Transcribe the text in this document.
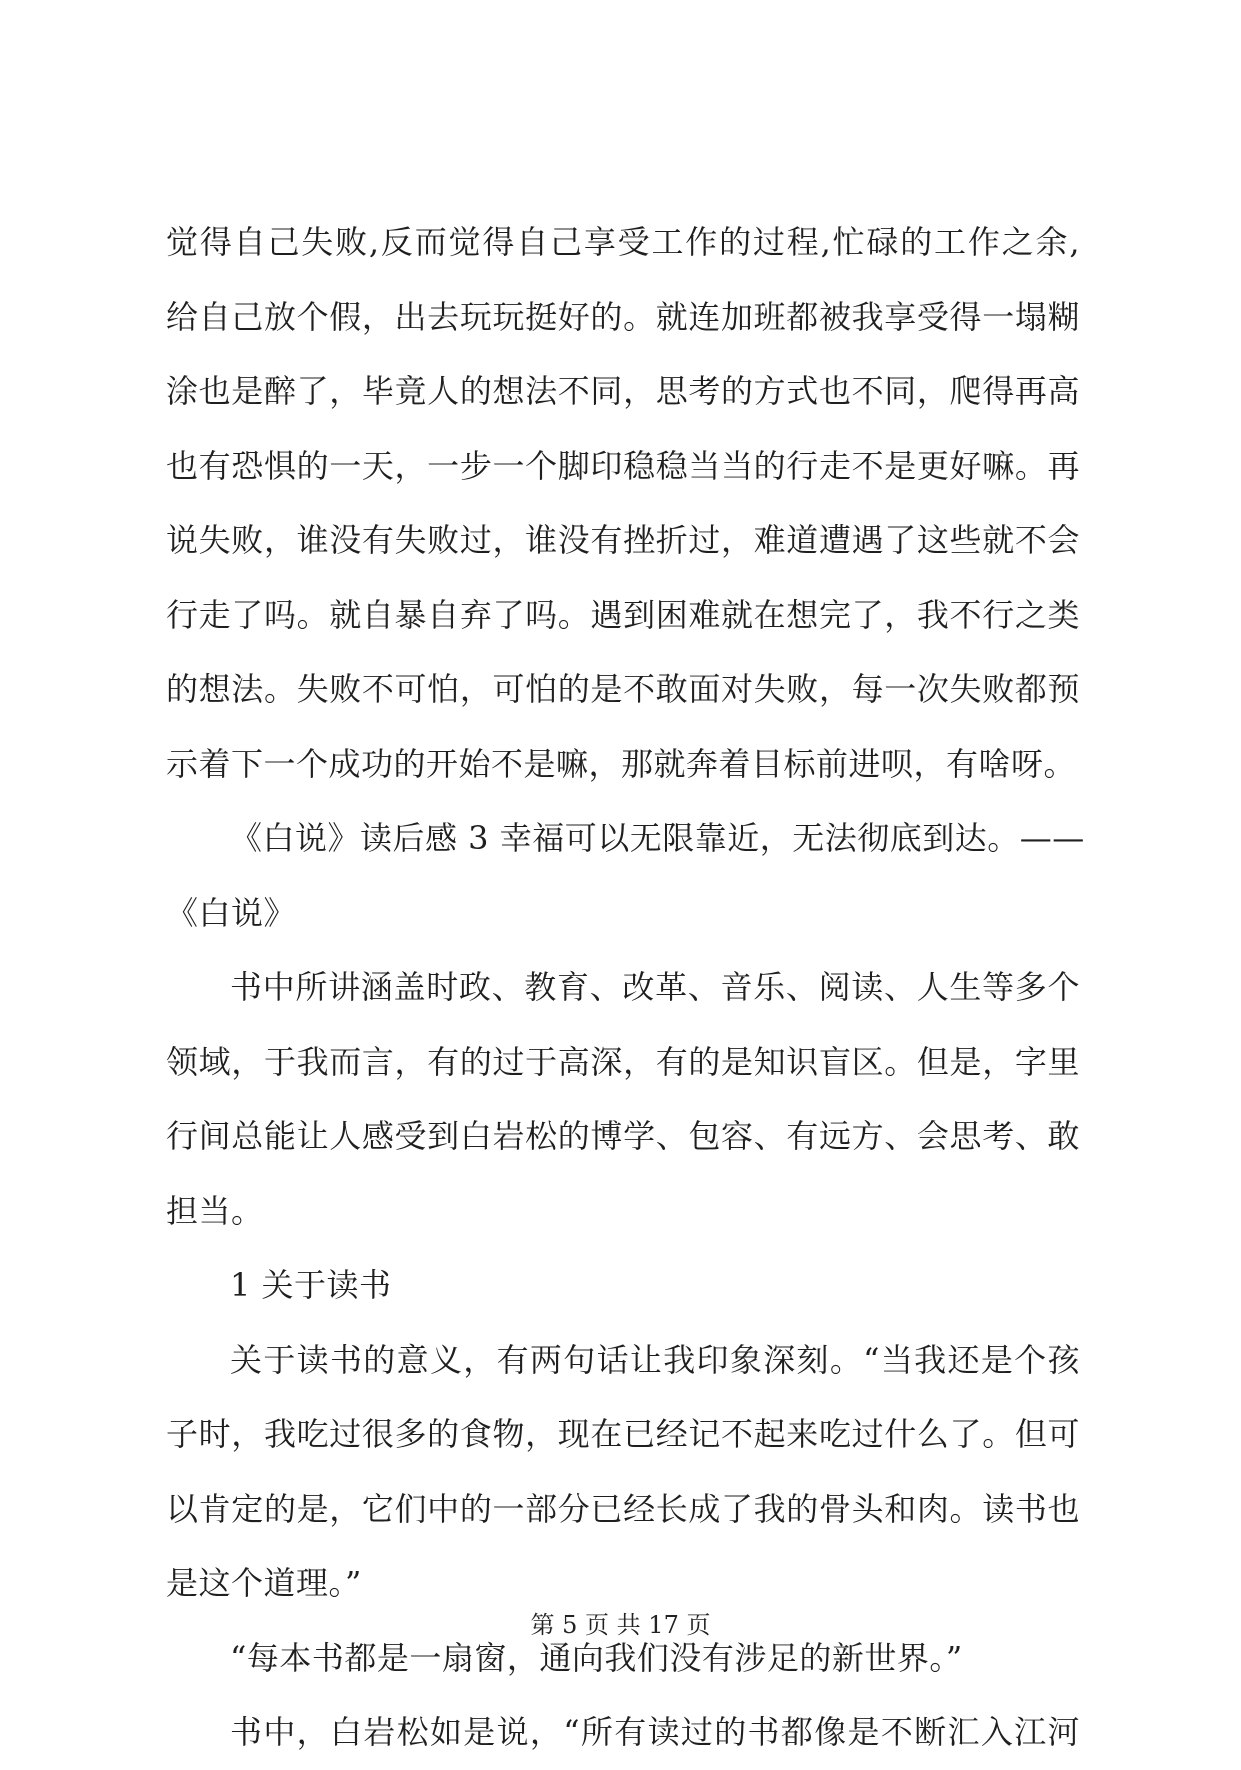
觉得自己失败,反而觉得自己享受工作的过程,忙碌的工作之余,
给自己放个假，出去玩玩挺好的。就连加班都被我享受得一塌糊
涂也是醉了，毕竟人的想法不同，思考的方式也不同，爬得再高
也有恐惧的一天，一步一个脚印稳稳当当的行走不是更好嘛。再
说失败，谁没有失败过，谁没有挫折过，难道遭遇了这些就不会
行走了吗。就自暴自弃了吗。遇到困难就在想完了，我不行之类
的想法。失败不可怕，可怕的是不敢面对失败，每一次失败都预
示着下一个成功的开始不是嘛，那就奔着目标前进呗，有啥呀。
《白说》读后感 3 幸福可以无限靠近，无法彻底到达。——
《白说》
书中所讲涵盖时政、教育、改革、音乐、阅读、人生等多个
领域，于我而言，有的过于高深，有的是知识盲区。但是，字里
行间总能让人感受到白岩松的博学、包容、有远方、会思考、敢
担当。
1 关于读书
关于读书的意义，有两句话让我印象深刻。“当我还是个孩
子时，我吃过很多的食物，现在已经记不起来吃过什么了。但可
以肯定的是，它们中的一部分已经长成了我的骨头和肉。读书也
是这个道理。”
“每本书都是一扇窗，通向我们没有涉足的新世界。”
书中，白岩松如是说，“所有读过的书都像是不断汇入江河
第 5 页 共 17 页
